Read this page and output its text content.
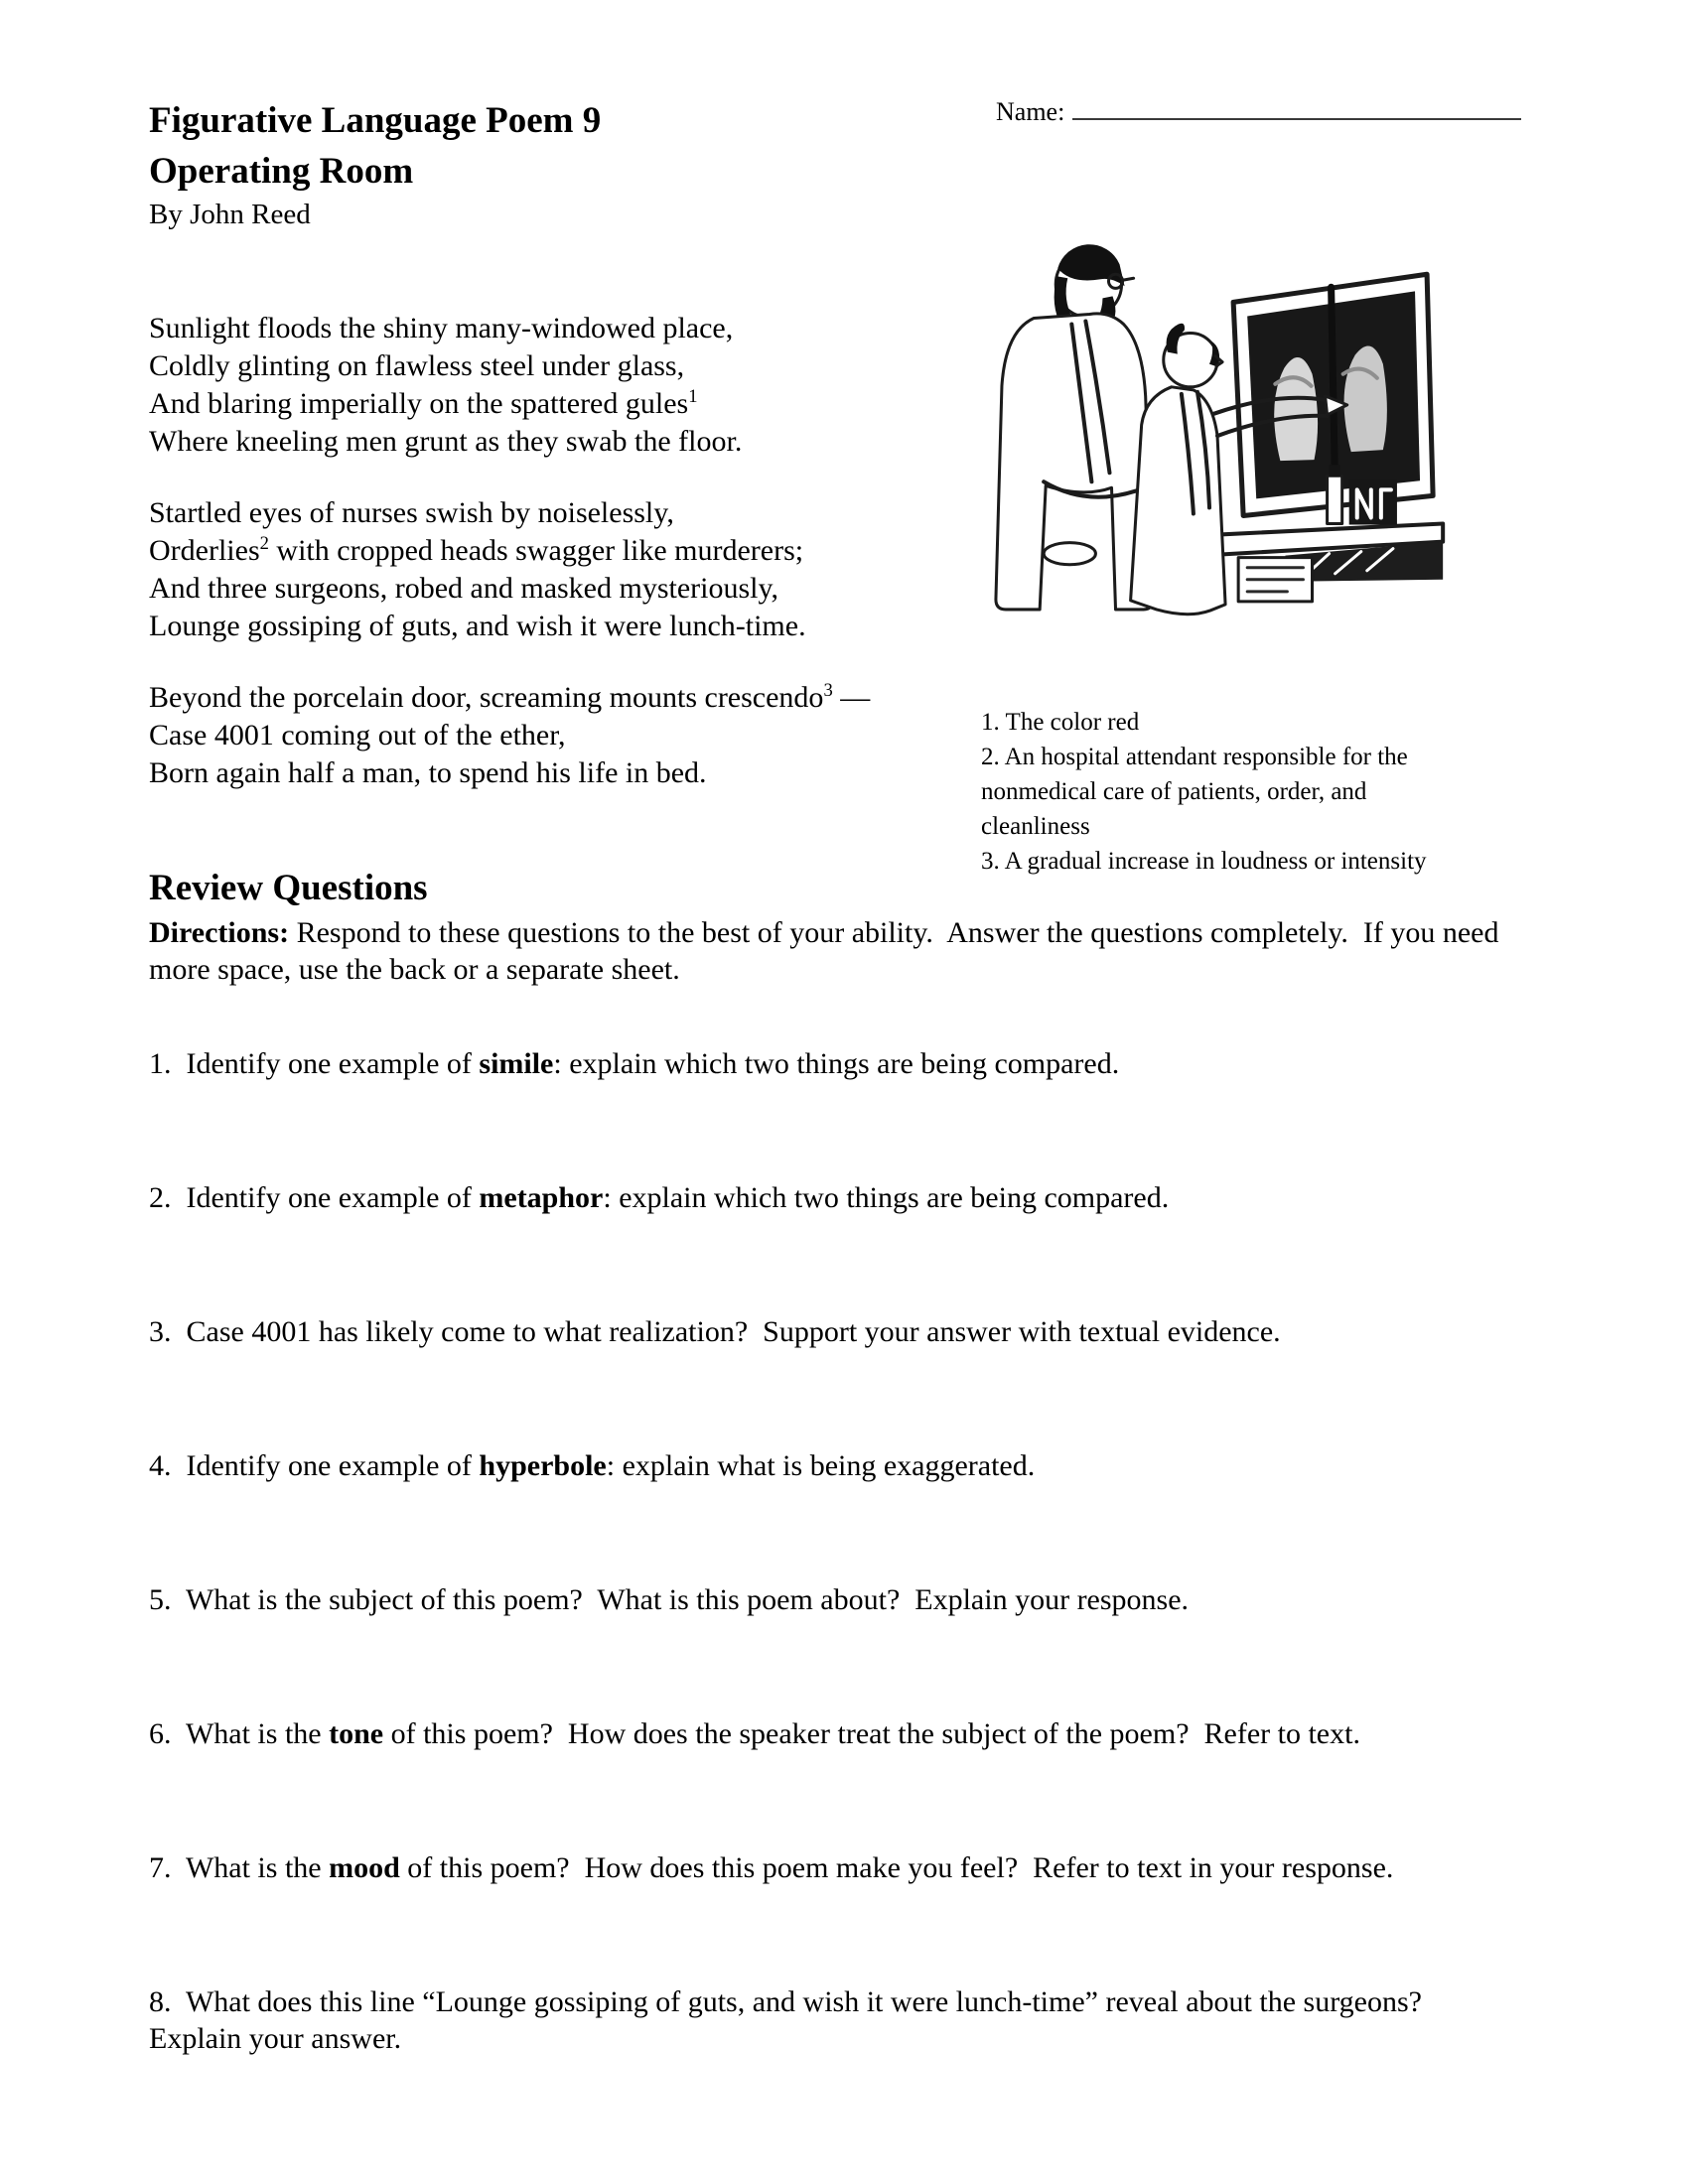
Name:
Figurative Language Poem 9
Operating Room
By John Reed
Sunlight floods the shiny many-windowed place,
Coldly glinting on flawless steel under glass,
And blaring imperially on the spattered gules$^1$
Where kneeling men grunt as they swab the floor.
Startled eyes of nurses swish by noiselessly,
Orderlies$^2$ with cropped heads swagger like murderers;
And three surgeons, robed and masked mysteriously,
Lounge gossiping of guts, and wish it were lunch-time.
Beyond the porcelain door, screaming mounts crescendo$^3$ —
Case 4001 coming out of the ether,
Born again half a man, to spend his life in bed.
1. The color red
2. An hospital attendant responsible for the
nonmedical care of patients, order, and
cleanliness
3. A gradual increase in loudness or intensity
Review Questions
Directions: Respond to these questions to the best of your ability.  Answer the questions completely.  If you need more space, use the back or a separate sheet.
1.  Identify one example of simile: explain which two things are being compared.
2.  Identify one example of metaphor: explain which two things are being compared.
3.  Case 4001 has likely come to what realization?  Support your answer with textual evidence.
4.  Identify one example of hyperbole: explain what is being exaggerated.
5.  What is the subject of this poem?  What is this poem about?  Explain your response.
6.  What is the tone of this poem?  How does the speaker treat the subject of the poem?  Refer to text.
7.  What is the mood of this poem?  How does this poem make you feel?  Refer to text in your response.
8.  What does this line “Lounge gossiping of guts, and wish it were lunch-time” reveal about the surgeons?  Explain your answer.
